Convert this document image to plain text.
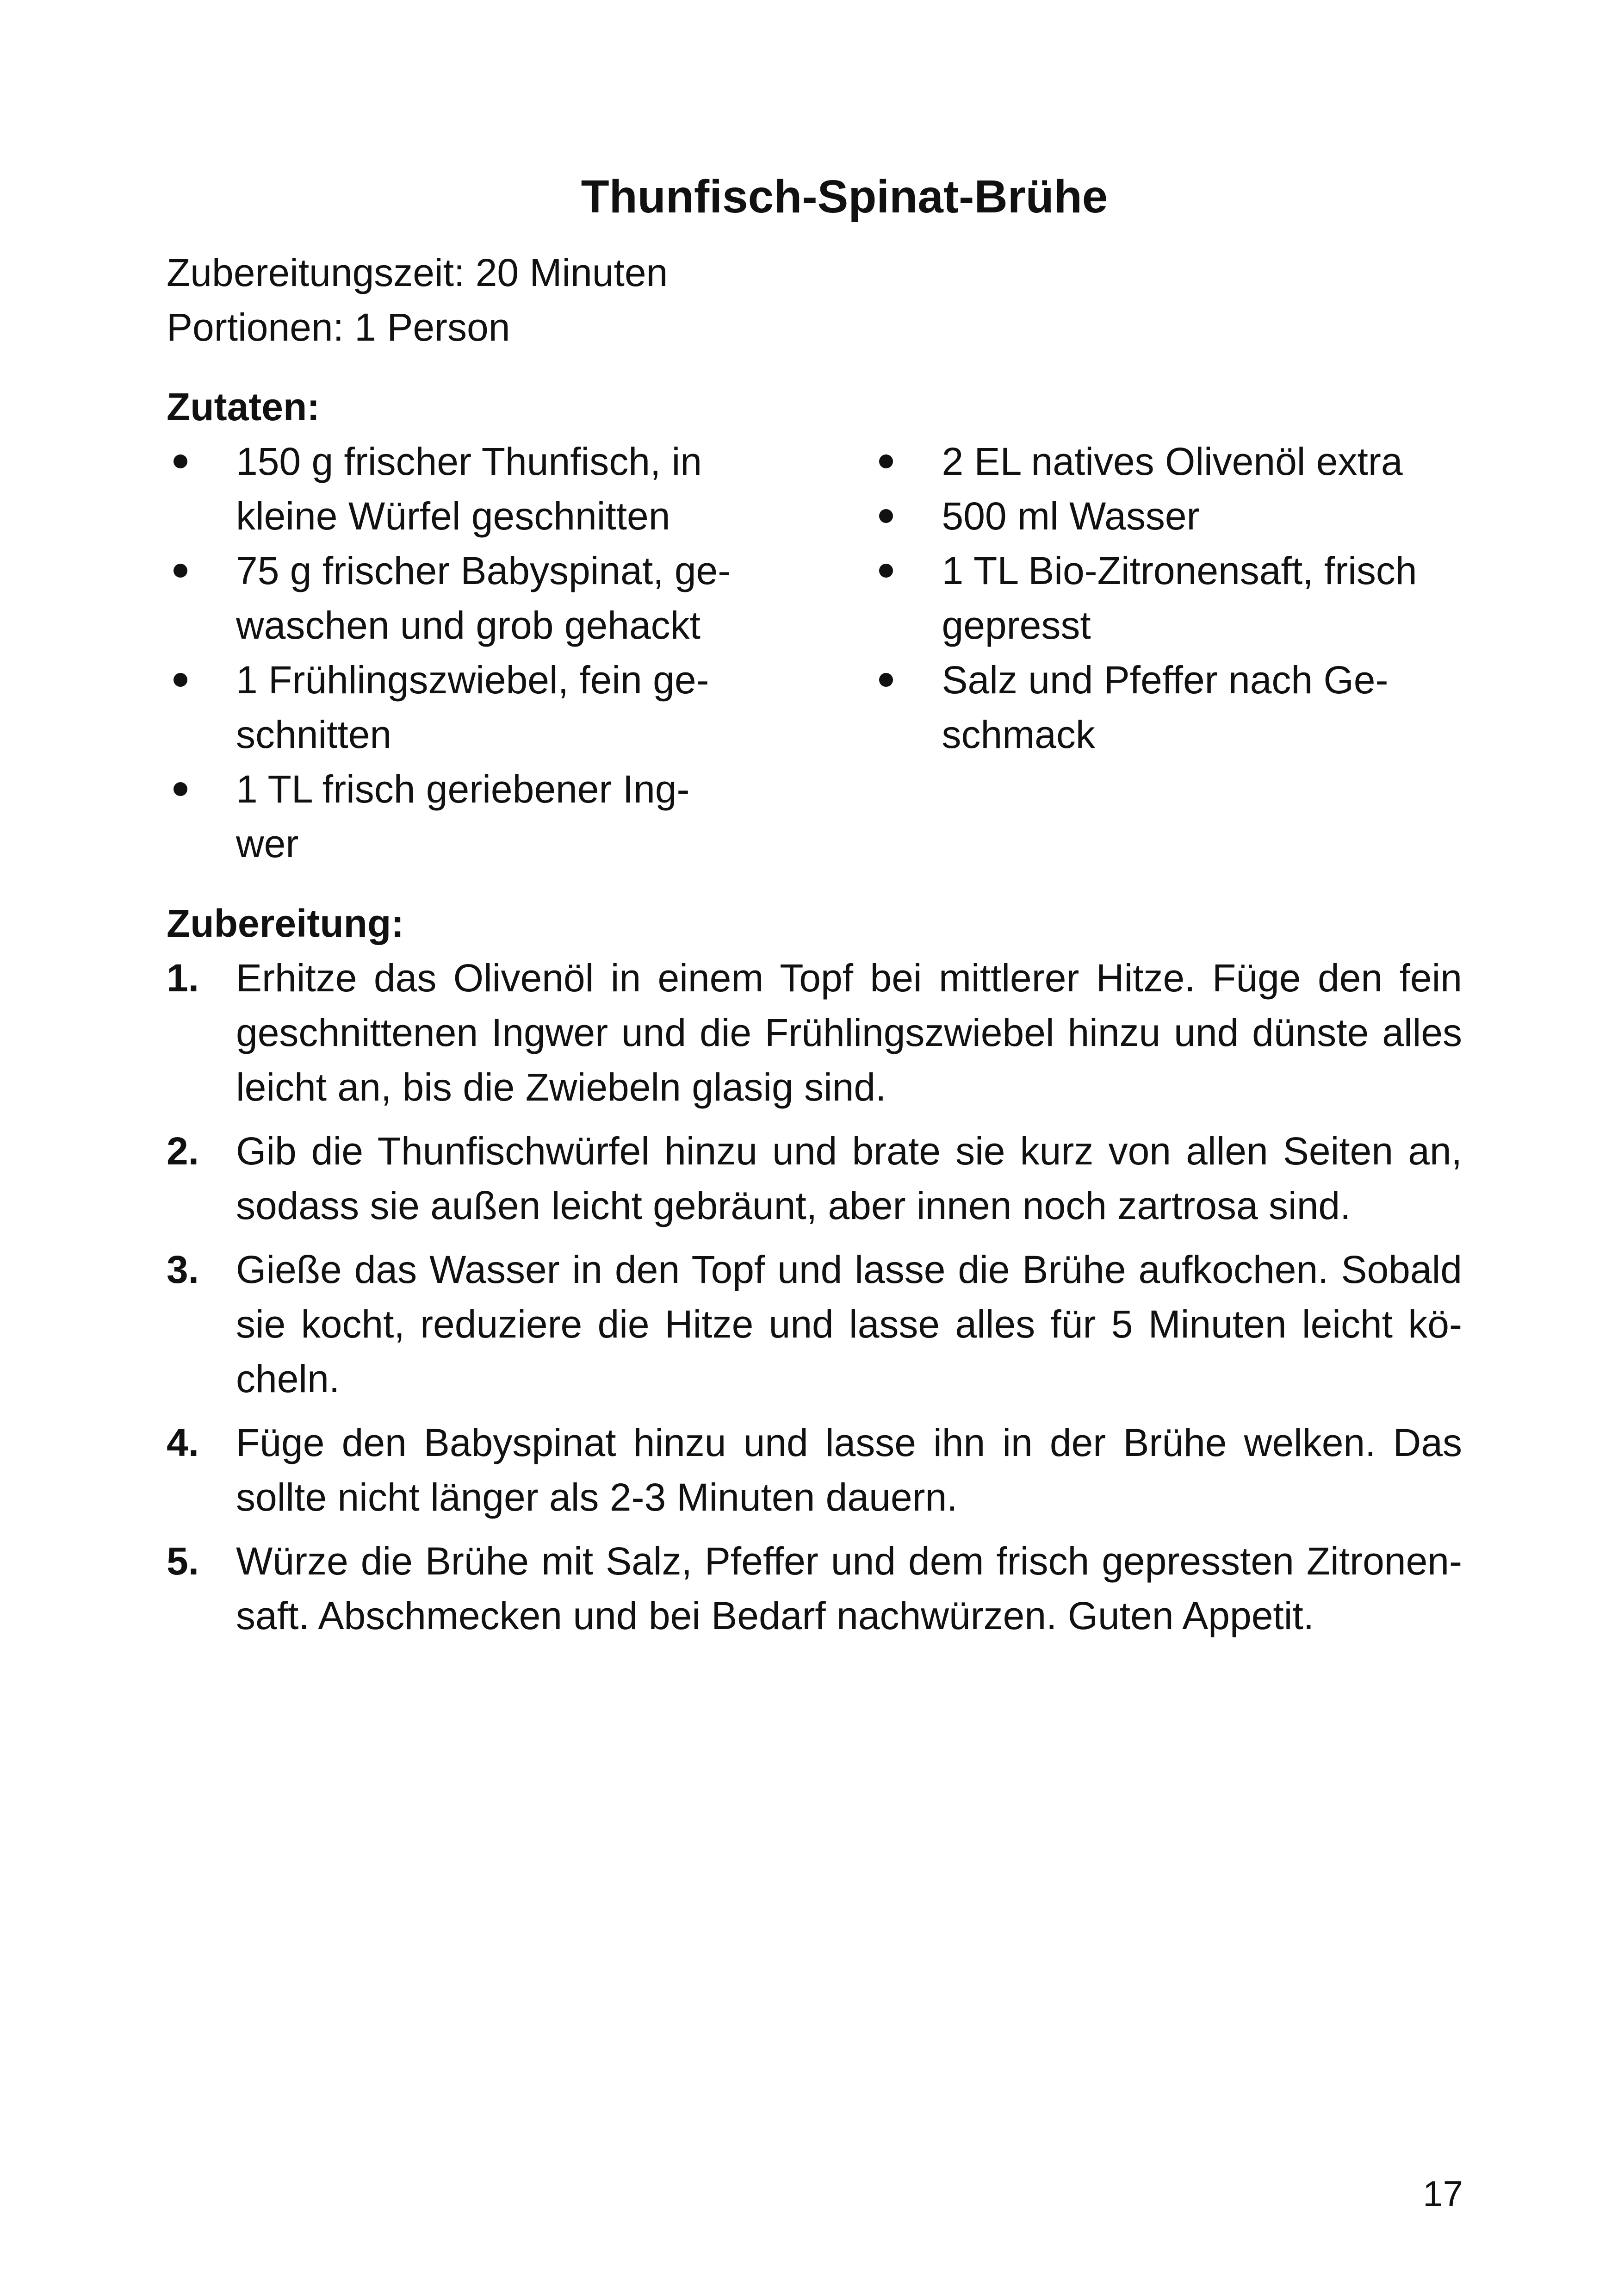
Thunfisch-Spinat-Brühe

Zubereitungszeit: 20 Minuten

Portionen: 1 Person

Zutaten:

150 g frischer Thunfisch, in kleine Würfel geschnitten
75 g frischer Babyspinat, gewaschen und grob gehackt
1 Frühlingszwiebel, fein geschnitten
1 TL frisch geriebener Ingwer
2 EL natives Olivenöl extra
500 ml Wasser
1 TL Bio-Zitronensaft, frisch gepresst
Salz und Pfeffer nach Geschmack

Zubereitung:

1. Erhitze das Olivenöl in einem Topf bei mittlerer Hitze. Füge den fein geschnittenen Ingwer und die Frühlingszwiebel hinzu und dünste alles leicht an, bis die Zwiebeln glasig sind.
2. Gib die Thunfischwürfel hinzu und brate sie kurz von allen Seiten an, sodass sie außen leicht gebräunt, aber innen noch zartrosa sind.
3. Gieße das Wasser in den Topf und lasse die Brühe aufkochen. Sobald sie kocht, reduziere die Hitze und lasse alles für 5 Minuten leicht köcheln.
4. Füge den Babyspinat hinzu und lasse ihn in der Brühe welken. Das sollte nicht länger als 2-3 Minuten dauern.
5. Würze die Brühe mit Salz, Pfeffer und dem frisch gepressten Zitronensaft. Abschmecken und bei Bedarf nachwürzen. Guten Appetit.
17
